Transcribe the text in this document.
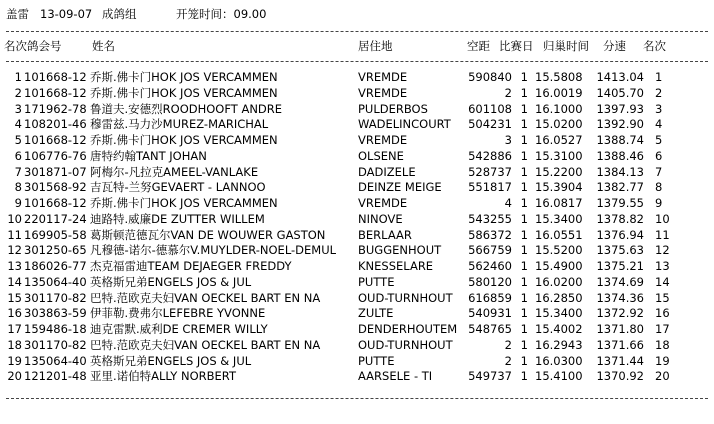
盖雷 13-09-07 成鸽组	开笼时间：09.00
名次鸽会号	姓名	居住地	空距 比赛日 归巢时间 分速 名次
1 101668-12 乔斯.佛卡门HOK JOS VERCAMMEN	VREMDE	590840 1 15.5808	1413.04 1
2 101668-12 乔斯.佛卡门HOK JOS VERCAMMEN	VREMDE	2 1 16.0019	1405.70 2
3 171962-78 鲁道夫.安德烈ROODHOOFT ANDRE	PULDERBOS	601108 1 16.1000	1397.93 3
4 108201-46 穆雷兹.马力沙MUREZ-MARICHAL	WADELINCOURT	504231 1 15.0200	1392.90 4
5 101668-12 乔斯.佛卡门HOK JOS VERCAMMEN	VREMDE	3 1 16.0527	1388.74 5
6 106776-76 唐特约翰TANT JOHAN	OLSENE	542886 1 15.3100	1388.46 6
7 301871-07 阿梅尔-凡拉克AMEEL-VANLAKE	DADIZELE	528737 1 15.2200	1384.13 7
8 301568-92 吉瓦特-兰努GEVAERT - LANNOO	DEINZE MEIGE	551817 1 15.3904	1382.77 8
9 101668-12 乔斯.佛卡门HOK JOS VERCAMMEN	VREMDE	4 1 16.0817	1379.55 9
10 220117-24 迪路特.威廉DE ZUTTER WILLEM	NINOVE	543255 1 15.3400	1378.82 10
11 169905-58 葛斯顿范德瓦尔VAN DE WOUWER GASTON	BERLAAR	586372 1 16.0551	1376.94 11
12 301250-65 凡穆德-诺尔-德慕尔V.MUYLDER-NOEL-DEMUL BUGGENHOUT	566759 1 15.5200	1375.63 12
13 186026-77 杰克福雷迪TEAM DEJAEGER FREDDY	KNESSELARE	562460 1 15.4900	1375.21 13
14 135064-40 英格斯兄弟ENGELS JOS & JUL	PUTTE	580120 1 16.0200	1374.69 14
15 301170-82 巴特.范欧克夫妇VAN OECKEL BART EN NA	OUD-TURNHOUT	616859 1 16.2850	1374.36 15
16 303863-59 伊菲勒.费弗尔LEFEBRE YVONNE	ZULTE	540931 1 15.3400	1372.92 16
17 159486-18 迪克雷默.威利DE CREMER WILLY	DENDERHOUTEM 548765 1 15.4002	1371.80 17
18 301170-82 巴特.范欧克夫妇VAN OECKEL BART EN NA	OUD-TURNHOUT	2 1 16.2943	1371.66 18
19 135064-40 英格斯兄弟ENGELS JOS & JUL	PUTTE	2 1 16.0300	1371.44 19
20 121201-48 亚里.诺伯特ALLY NORBERT	AARSELE - TI	549737 1 15.4100	1370.92 20
